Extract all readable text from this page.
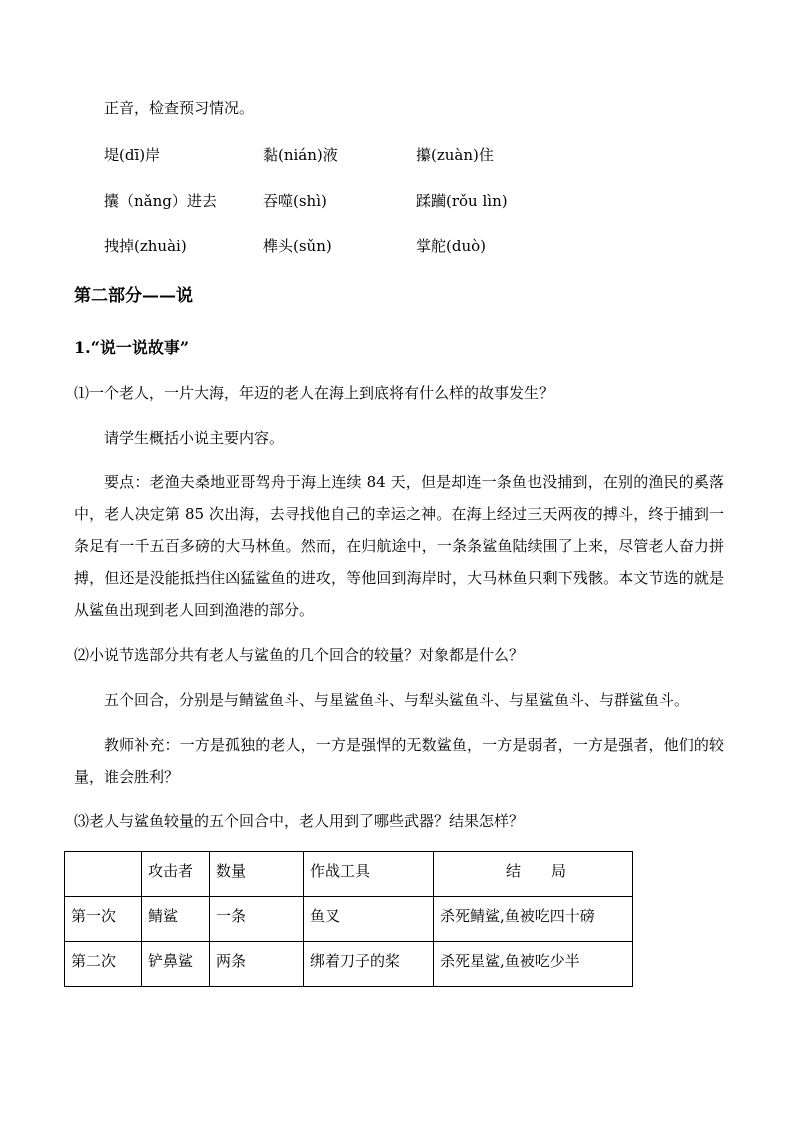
正音，检查预习情况。
堤(dī)岸	黏(nián)液	攥(zuàn)住
攮（nǎng）进去	吞噬(shì)	蹂躏(rǒu lìn)
拽掉(zhuài)	榫头(sǔn)	掌舵(duò)
第二部分——说
1.“说一说故事”
⑴一个老人，一片大海，年迈的老人在海上到底将有什么样的故事发生？
请学生概括小说主要内容。
要点：老渔夫桑地亚哥驾舟于海上连续 84 天，但是却连一条鱼也没捕到，在别的渔民的奚落中，老人决定第 85 次出海，去寻找他自己的幸运之神。在海上经过三天两夜的搏斗，终于捕到一条足有一千五百多磅的大马林鱼。然而，在归航途中，一条条鲨鱼陆续围了上来，尽管老人奋力拼搏，但还是没能抵挡住凶猛鲨鱼的进攻，等他回到海岸时，大马林鱼只剩下残骸。本文节选的就是从鲨鱼出现到老人回到渔港的部分。
⑵小说节选部分共有老人与鲨鱼的几个回合的较量？对象都是什么？
五个回合，分别是与鲭鲨鱼斗、与星鲨鱼斗、与犁头鲨鱼斗、与星鲨鱼斗、与群鲨鱼斗。
教师补充：一方是孤独的老人，一方是强悍的无数鲨鱼，一方是弱者，一方是强者，他们的较量，谁会胜利？
⑶老人与鲨鱼较量的五个回合中，老人用到了哪些武器？结果怎样？
	攻击者	数量	作战工具	结　　局
第一次	鲭鲨	一条	鱼叉	杀死鲭鲨,鱼被吃四十磅
第二次	铲鼻鲨	两条	绑着刀子的桨	杀死星鲨,鱼被吃少半
